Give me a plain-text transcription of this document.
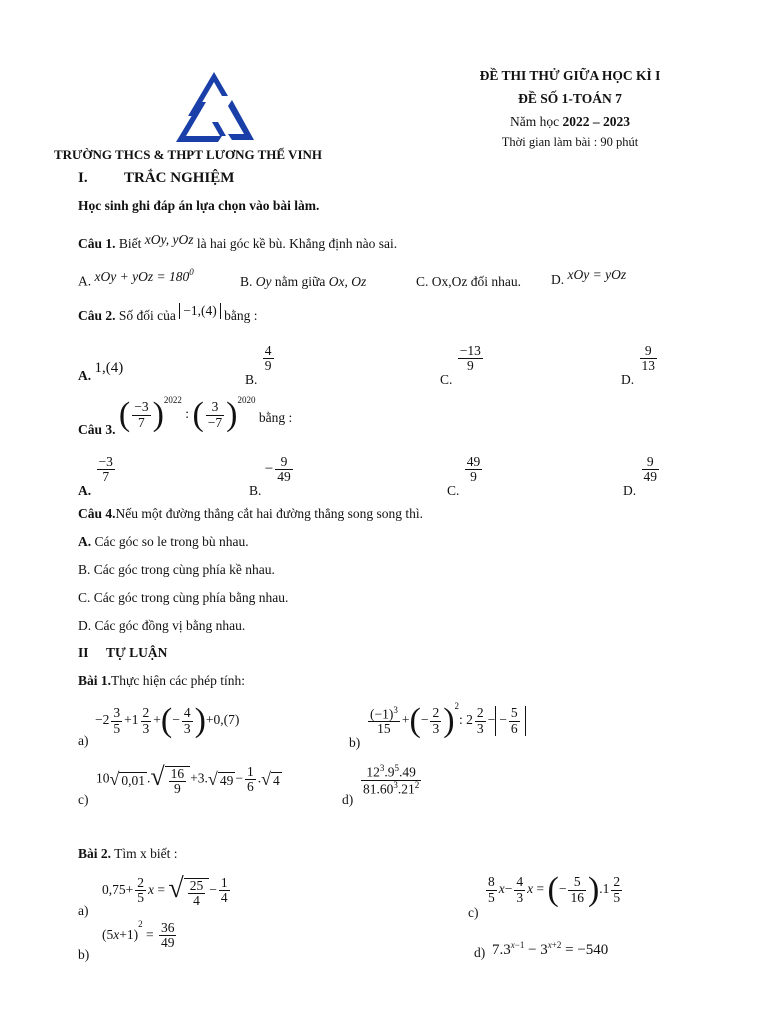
ĐỀ THI THỬ GIỮA HỌC KÌ I
ĐỀ SỐ 1-TOÁN 7
Năm học 2022 – 2023
Thời gian làm bài : 90 phút
TRƯỜNG THCS & THPT LƯƠNG THẾ VINH
I. TRẮC NGHIỆM
Học sinh ghi đáp án lựa chọn vào bài làm.
Câu 1. Biết xOy, yOz là hai góc kề bù. Khẳng định nào sai.
A. xOy + yOz = $180^0$
B. Oy nằm giữa Ox, Oz	C. Ox,Oz đối nhau. D. xOy = yOz
Câu 2. Số đối của −1,(4) bằng :
A. 1,(4)
B.
$\frac{4}{9}$
C.
$\frac{-13}{9}$
D.
$\frac{9}{13}$
Câu 3. ( $\frac{-3}{7} )^{2022}$ : ( $\frac{3}{-7} )^{2020}$ bằng :
A.
$\frac{-3}{7}$
B. − $\frac{9}{49}$
C.
$\frac{49}{9}$
D.
$\frac{9}{49}$
Câu 4.Nếu một đường thẳng cắt hai đường thẳng song song thì.
A. Các góc so le trong bù nhau.
B. Các góc trong cùng phía kề nhau.
C. Các góc trong cùng phía bằng nhau.
D. Các góc đồng vị bằng nhau.
II TỰ LUẬN
Bài 1.Thực hiện các phép tính:
a)
$-2 \frac{3}{5} +1 \frac{2}{3}$ +(− $\frac{4}{3} )+0,(7)$
b)
$\frac{(-1)^3}{15}$ +(− $\frac{2}{3} )^2$: $2 \frac{2}{3}$ − − $\frac{5}{6}$
c)
10√ 0,01 .√ $\frac{16}{9} +3.√$ $49 - \frac{1}{6}$ .√ 4
d)
$\frac{12^3.9^5.49}{81.60^3.21^2}$
Bài 2. Tìm x biết :
a)
$0,75+ \frac{2}{5}$ x = √ $\frac{25}{4} - \frac{1}{4}$
c)
$\frac{8}{5} x- \frac{4}{3}$ x = (− $\frac{5}{16} ).1 \frac{2}{5}$
b)
$(5x+1)^2 = \frac{36}{49}$
d) $7.3^{x-1} - 3^{x+2} = -540$
